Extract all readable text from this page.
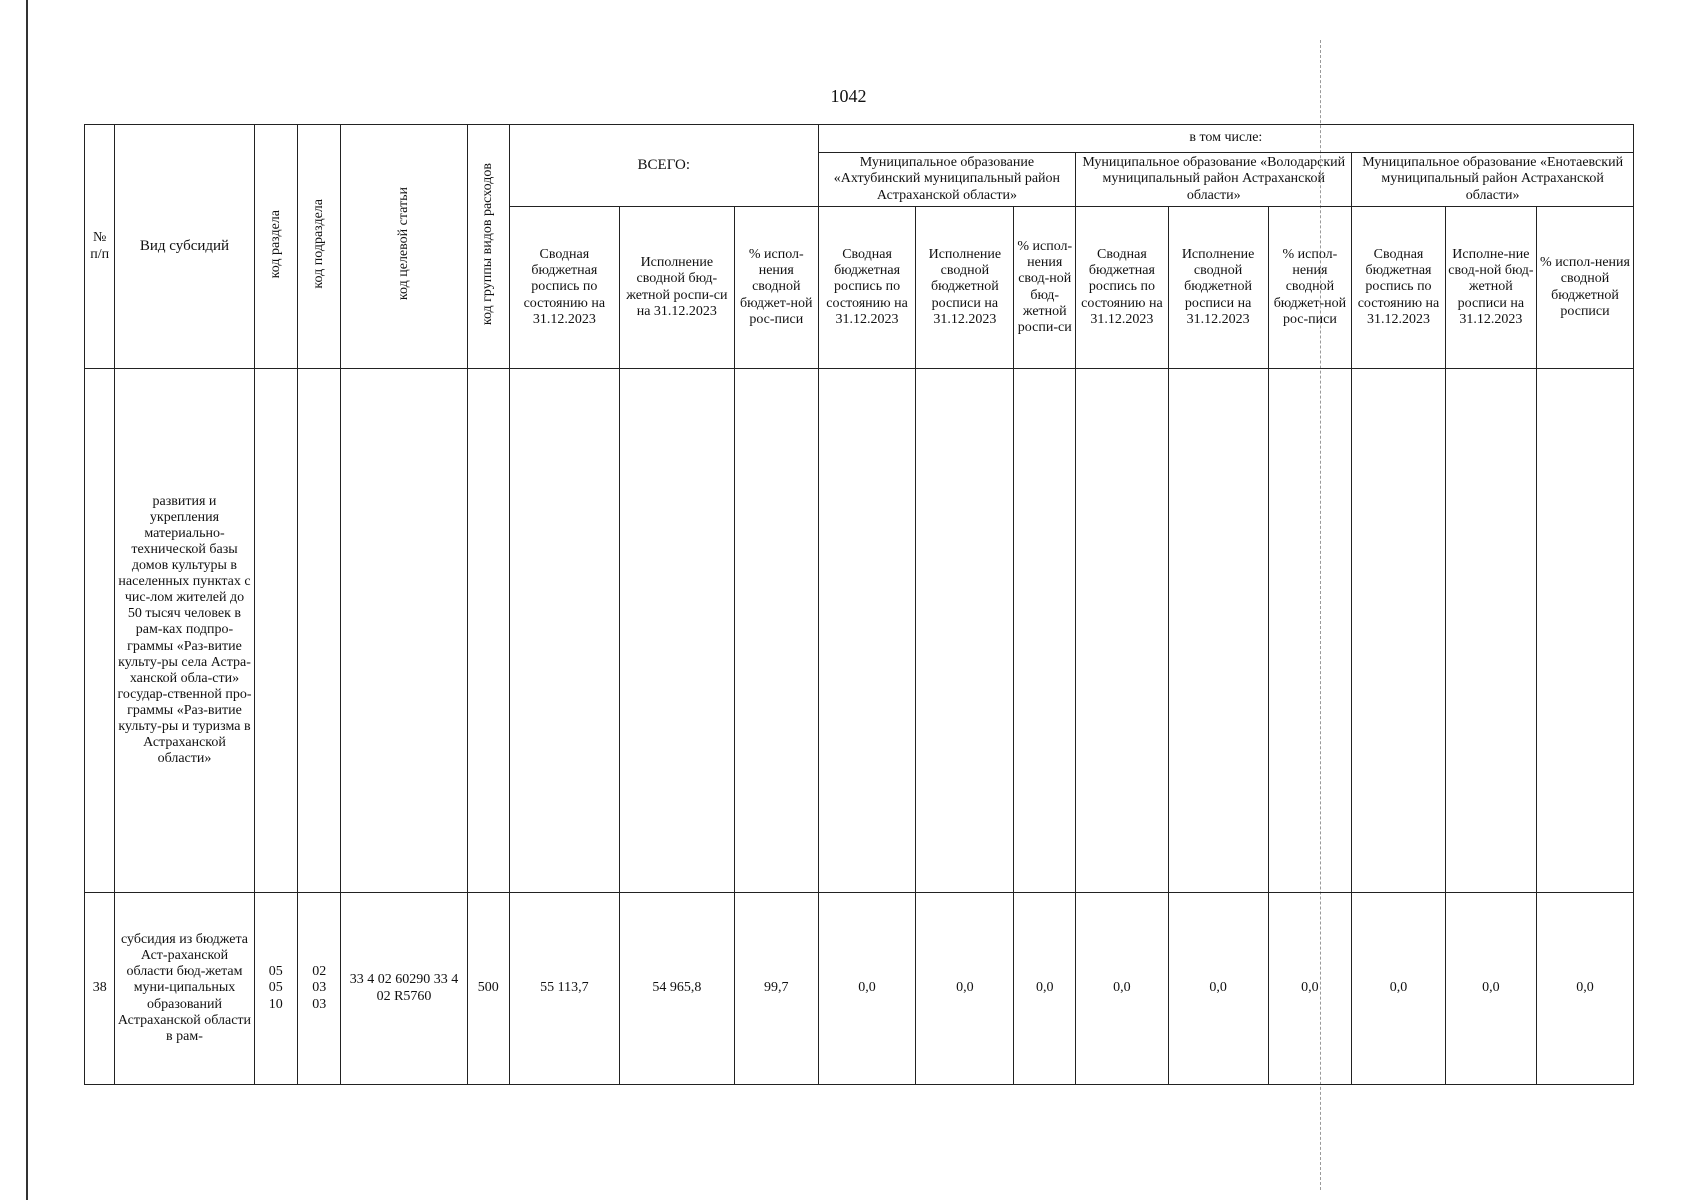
1042
№ п/п	Вид субсидий	код раздела	код подраздела	код целевой статьи	код группы видов расходов	ВСЕГО:			в том числе:								
									Муниципальное образование «Ахтубинский муниципальный район Астраханской области»			Муниципальное образование «Володарский муниципальный район Астраханской области»			Муниципальное образование «Енотаевский муниципальный район Астраханской области»		
						Сводная бюджетная роспись по состоянию на 31.12.2023	Исполнение сводной бюд-жетной роспи-си на 31.12.2023	% испол-нения сводной бюджет-ной рос-писи	Сводная бюджетная роспись по состоянию на 31.12.2023	Исполнение сводной бюджетной росписи на 31.12.2023	% испол-нения свод-ной бюд-жетной роспи-си	Сводная бюджетная роспись по состоянию на 31.12.2023	Исполнение сводной бюджетной росписи на 31.12.2023	% испол-нения сводной бюджет-ной рос-писи	Сводная бюджетная роспись по состоянию на 31.12.2023	Исполне-ние свод-ной бюд-жетной росписи на 31.12.2023	% испол-нения сводной бюджетной росписи
	развития и укрепления материально-технической базы домов культуры в населенных пунктах с чис-лом жителей до 50 тысяч человек в рам-ках подпро-граммы «Раз-витие культу-ры села Астра-ханской обла-сти» государ-ственной про-граммы «Раз-витие культу-ры и туризма в Астраханской области»																
38	субсидия из бюджета Аст-раханской области бюд-жетам муни-ципальных образований Астраханской области в рам-	05 05 10	02 03 03	33 4 02 60290 33 4 02 R5760	500	55 113,7	54 965,8	99,7	0,0	0,0	0,0	0,0	0,0	0,0	0,0	0,0	0,0
